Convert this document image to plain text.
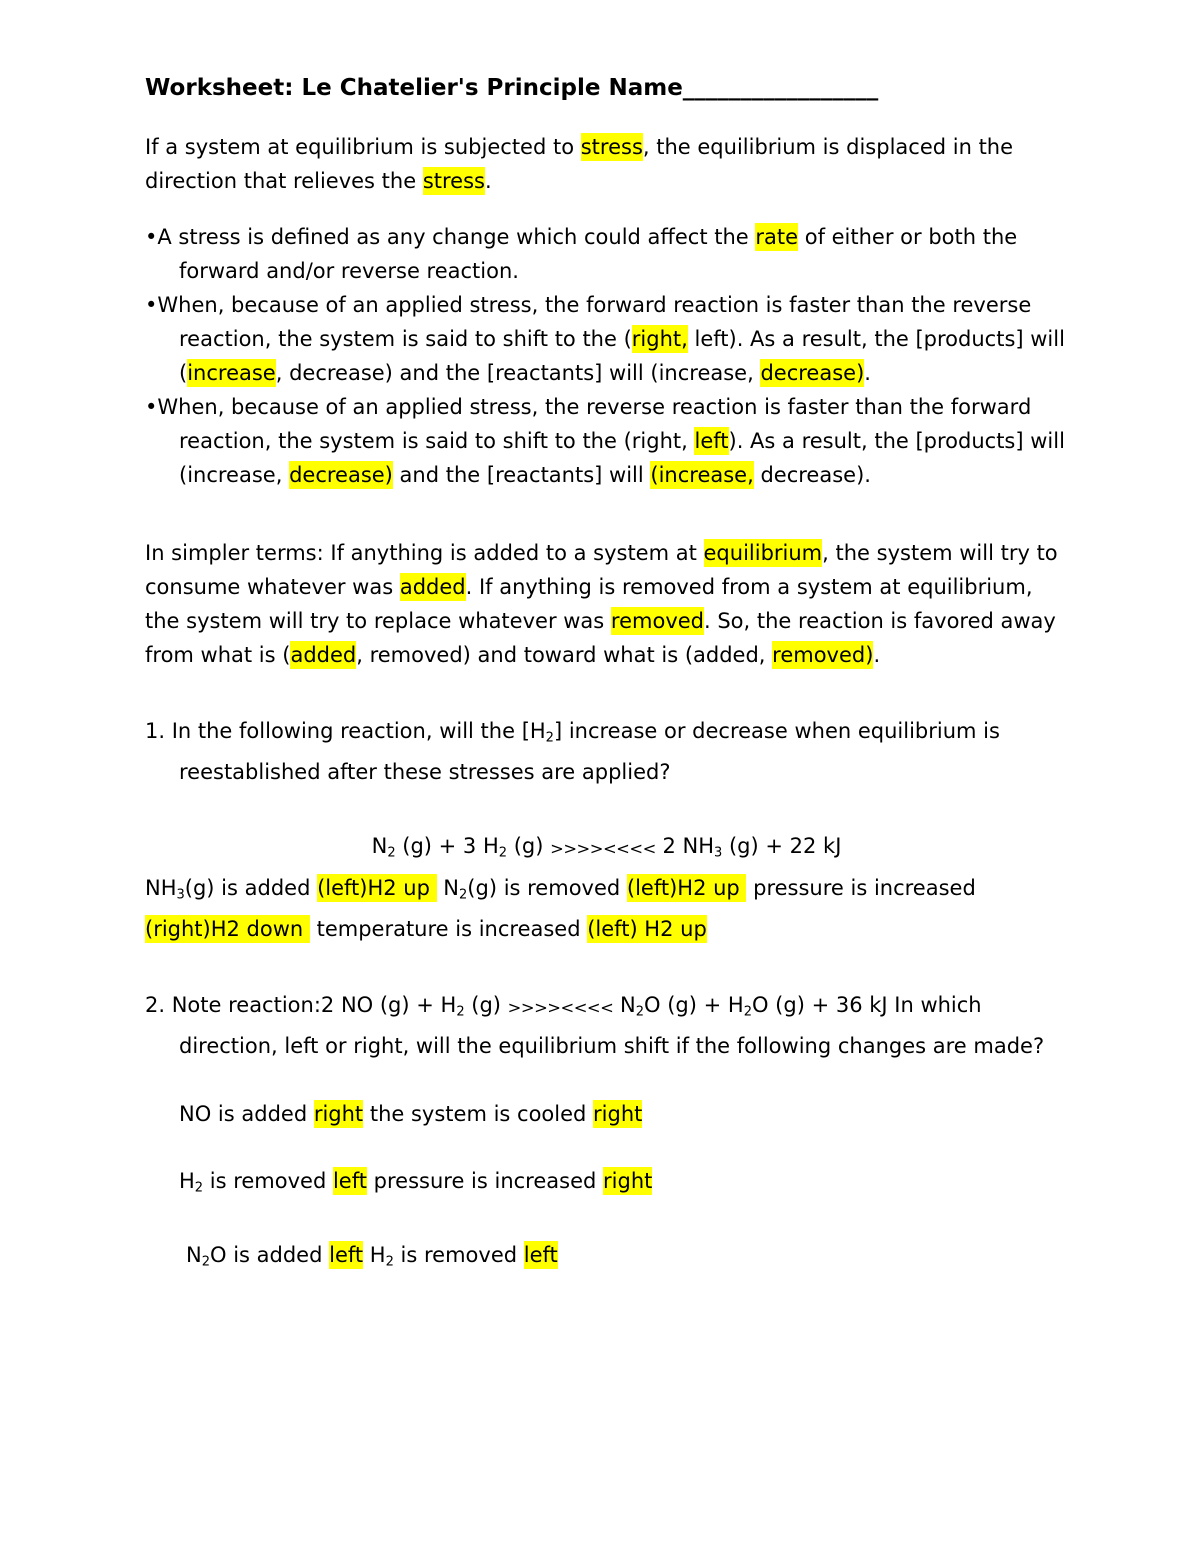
Worksheet: Le Chatelier's Principle Name_________________

If a system at equilibrium is subjected to stress, the equilibrium is displaced in the direction that relieves the stress.

• A stress is defined as any change which could affect the rate of either or both the forward and/or reverse reaction.
• When, because of an applied stress, the forward reaction is faster than the reverse reaction, the system is said to shift to the (right, left). As a result, the [products] will (increase, decrease) and the [reactants] will (increase, decrease).
• When, because of an applied stress, the reverse reaction is faster than the forward reaction, the system is said to shift to the (right, left). As a result, the [products] will (increase, decrease) and the [reactants] will (increase, decrease).

In simpler terms: If anything is added to a system at equilibrium, the system will try to consume whatever was added. If anything is removed from a system at equilibrium, the system will try to replace whatever was removed. So, the reaction is favored away from what is (added, removed) and toward what is (added, removed).

1. In the following reaction, will the $[H_2]$ increase or decrease when equilibrium is reestablished after these stresses are applied?
$N_2$ (g) + 3 $H_2$ (g) >>>><<<< 2 $NH_3$ (g) + 22 kJ

$NH_3(g)$ is added (left)H2 up  $N_2(g)$ is removed (left)H2 up  pressure is increased (right)H2 down  temperature is increased (left) H2 up

2. Note reaction:2 NO $(g) + H_2$ (g) >>>><<<< $N_2O$ $(g) + H_2O$ (g) + 36 kJ In which direction, left or right, will the equilibrium shift if the following changes are made?
NO is added right the system is cooled right
$H_2$ is removed left pressure is increased right
$N_2O$ is added left $H_2$ is removed left
